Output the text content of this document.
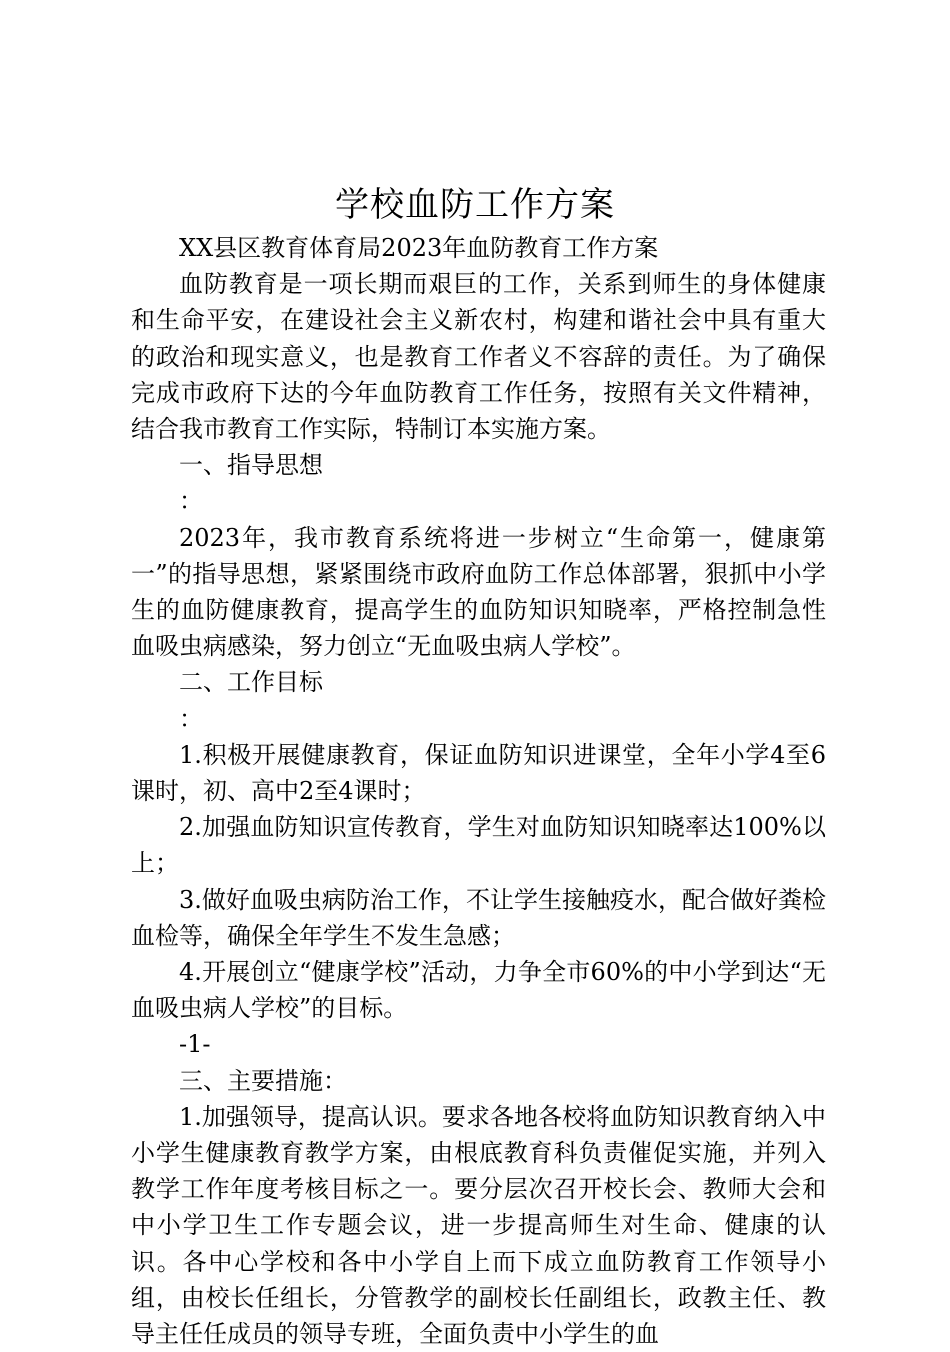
学校血防工作方案

XX县区教育体育局2023年血防教育工作方案

血防教育是一项长期而艰巨的工作，关系到师生的身体健康和生命平安，在建设社会主义新农村，构建和谐社会中具有重大的政治和现实意义，也是教育工作者义不容辞的责任。为了确保完成市政府下达的今年血防教育工作任务，按照有关文件精神，结合我市教育工作实际，特制订本实施方案。

一、指导思想

：

2023年，我市教育系统将进一步树立“生命第一，健康第一”的指导思想，紧紧围绕市政府血防工作总体部署，狠抓中小学生的血防健康教育，提高学生的血防知识知晓率，严格控制急性血吸虫病感染，努力创立“无血吸虫病人学校”。

二、工作目标

：

1.积极开展健康教育，保证血防知识进课堂，全年小学4至6课时，初、高中2至4课时；

2.加强血防知识宣传教育，学生对血防知识知晓率达100%以上；

3.做好血吸虫病防治工作，不让学生接触疫水，配合做好粪检血检等，确保全年学生不发生急感；

4.开展创立“健康学校”活动，力争全市60%的中小学到达“无血吸虫病人学校”的目标。

-1-

三、主要措施：

1.加强领导，提高认识。要求各地各校将血防知识教育纳入中小学生健康教育教学方案，由根底教育科负责催促实施，并列入教学工作年度考核目标之一。要分层次召开校长会、教师大会和中小学卫生工作专题会议，进一步提高师生对生命、健康的认识。各中心学校和各中小学自上而下成立血防教育工作领导小组，由校长任组长，分管教学的副校长任副组长，政教主任、教导主任任成员的领导专班，全面负责中小学生的血
